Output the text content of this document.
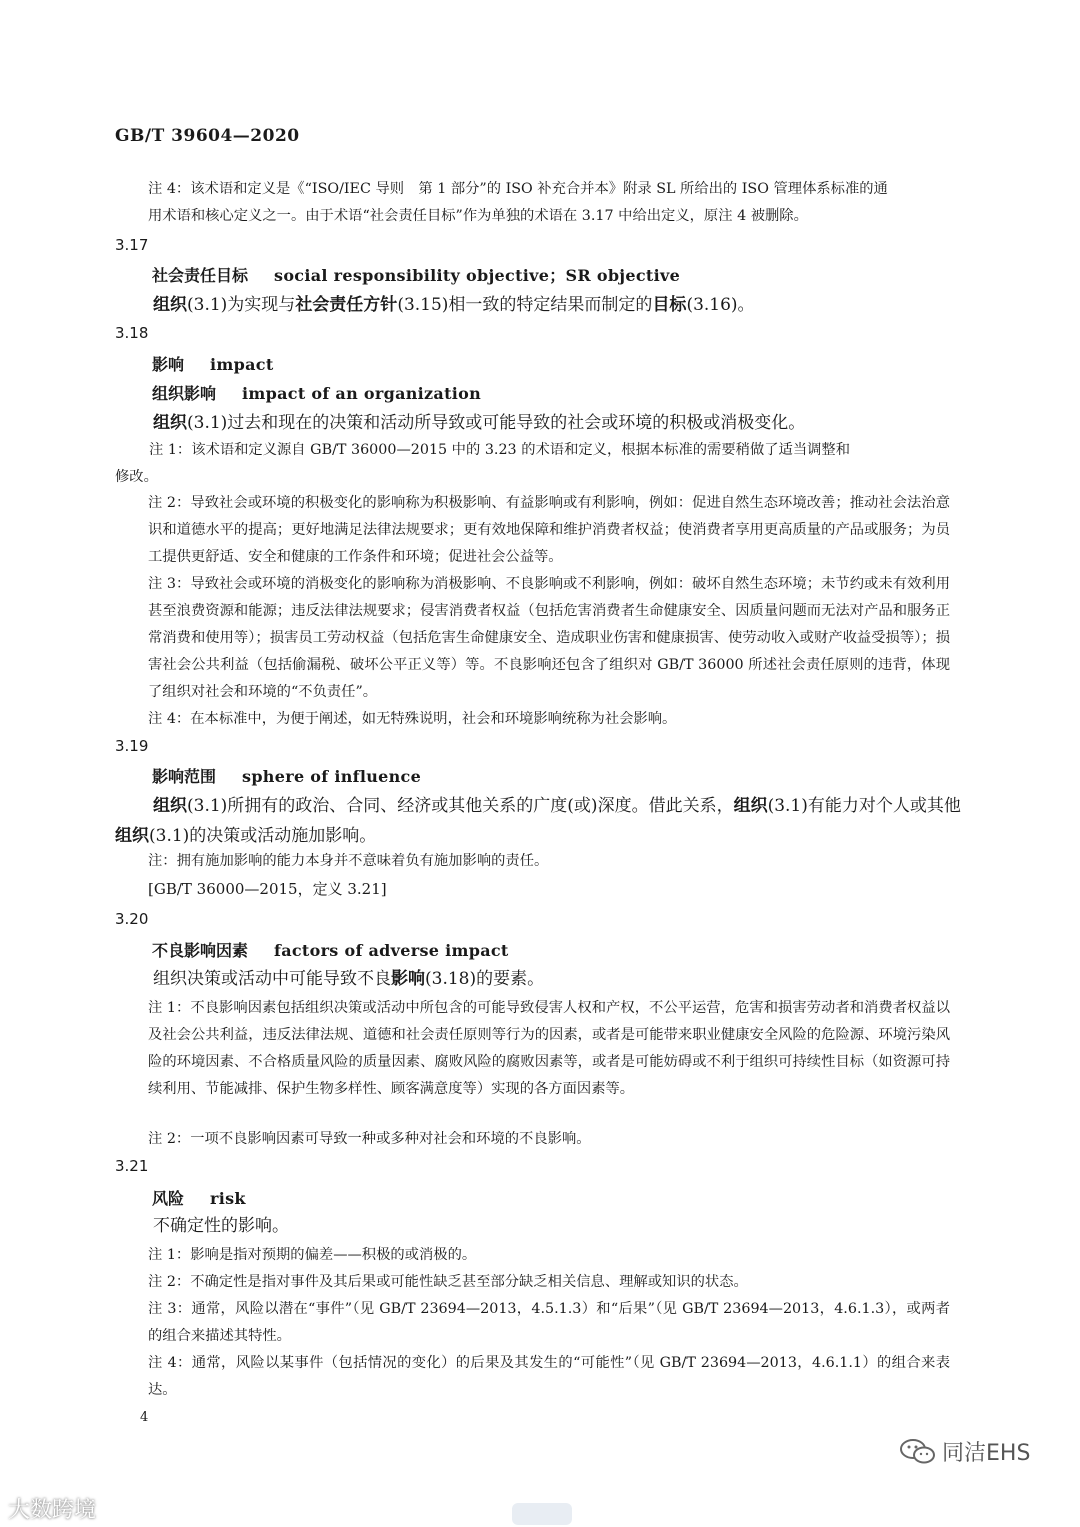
GB/T 39604—2020
注 4：该术语和定义是《“ISO/IEC 导则　第 1 部分”的 ISO 补充合并本》附录 SL 所给出的 ISO 管理体系标准的通
用术语和核心定义之一。由于术语“社会责任目标”作为单独的术语在 3.17 中给出定义，原注 4 被删除。
3.17
社会责任目标 social responsibility objective；SR objective
组织(3.1)为实现与社会责任方针(3.15)相一致的特定结果而制定的目标(3.16)。
3.18
影响 impact
组织影响 impact of an organization
组织(3.1)过去和现在的决策和活动所导致或可能导致的社会或环境的积极或消极变化。
注 1：该术语和定义源自 GB/T 36000—2015 中的 3.23 的术语和定义，根据本标准的需要稍做了适当调整和
修改。
注 2：导致社会或环境的积极变化的影响称为积极影响、有益影响或有利影响，例如：促进自然生态环境改善；推动社会法治意识和道德水平的提高；更好地满足法律法规要求；更有效地保障和维护消费者权益；使消费者享用更高质量的产品或服务；为员工提供更舒适、安全和健康的工作条件和环境；促进社会公益等。
注 3：导致社会或环境的消极变化的影响称为消极影响、不良影响或不利影响，例如：破坏自然生态环境；未节约或未有效利用甚至浪费资源和能源；违反法律法规要求；侵害消费者权益（包括危害消费者生命健康安全、因质量问题而无法对产品和服务正常消费和使用等）；损害员工劳动权益（包括危害生命健康安全、造成职业伤害和健康损害、使劳动收入或财产收益受损等）；损害社会公共利益（包括偷漏税、破坏公平正义等）等。不良影响还包含了组织对 GB/T 36000 所述社会责任原则的违背，体现了组织对社会和环境的“不负责任”。
注 4：在本标准中，为便于阐述，如无特殊说明，社会和环境影响统称为社会影响。
3.19
影响范围 sphere of influence
组织(3.1)所拥有的政治、合同、经济或其他关系的广度(或)深度。借此关系，组织(3.1)有能力对个人或其他组织(3.1)的决策或活动施加影响。
注：拥有施加影响的能力本身并不意味着负有施加影响的责任。
[GB/T 36000—2015，定义 3.21]
3.20
不良影响因素 factors of adverse impact
组织决策或活动中可能导致不良影响(3.18)的要素。
注 1：不良影响因素包括组织决策或活动中所包含的可能导致侵害人权和产权，不公平运营，危害和损害劳动者和消费者权益以及社会公共利益，违反法律法规、道德和社会责任原则等行为的因素，或者是可能带来职业健康安全风险的危险源、环境污染风险的环境因素、不合格质量风险的质量因素、腐败风险的腐败因素等，或者是可能妨碍或不利于组织可持续性目标（如资源可持续利用、节能减排、保护生物多样性、顾客满意度等）实现的各方面因素等。
注 2：一项不良影响因素可导致一种或多种对社会和环境的不良影响。
3.21
风险 risk
不确定性的影响。
注 1：影响是指对预期的偏差——积极的或消极的。
注 2：不确定性是指对事件及其后果或可能性缺乏甚至部分缺乏相关信息、理解或知识的状态。
注 3：通常，风险以潜在“事件”（见 GB/T 23694—2013，4.5.1.3）和“后果”（见 GB/T 23694—2013，4.6.1.3），或两者的组合来描述其特性。
注 4：通常，风险以某事件（包括情况的变化）的后果及其发生的“可能性”（见 GB/T 23694—2013，4.6.1.1）的组合来表达。
4
同洁EHS
大数跨境
